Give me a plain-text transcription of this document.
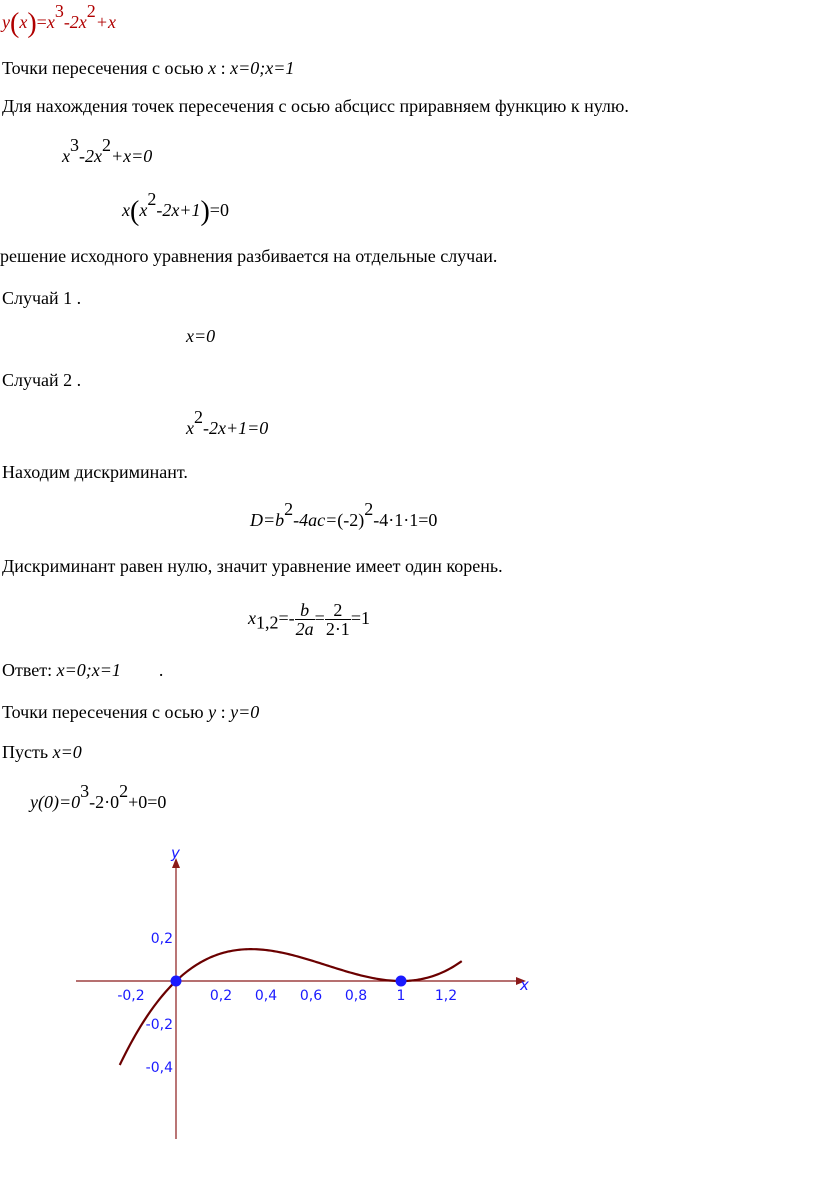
$y(x)=x^3-2x^2+x$
Точки пересечения с осью x : x=0;x=1
Для нахождения точек пересечения с осью абсцисс приравняем функцию к нулю.
$x^3-2x^2+x=0$
$x(x^2-2x+1)=0$
решение исходного уравнения разбивается на отдельные случаи.
Случай 1 .
x=0
Случай 2 .
$x^2-2x+1=0$
Находим дискриминант.
$D=b^2-4ac=(-2)^2-4\cdot 1\cdot 1=0$
Дискриминант равен нулю, значит уравнение имеет один корень.
$x_{1,2}=- \frac{b}{2a} = \frac{2}{2\cdot 1} =1$
Ответ: x=0;x=1 .
Точки пересечения с осью y : y=0
Пусть x=0
$y(0)=0^3-2\cdot 0^2+0=0$
x
y
-0,2	0,2 0,4 0,6 0,8 1 1,2
0,2
-0,2
-0,4
